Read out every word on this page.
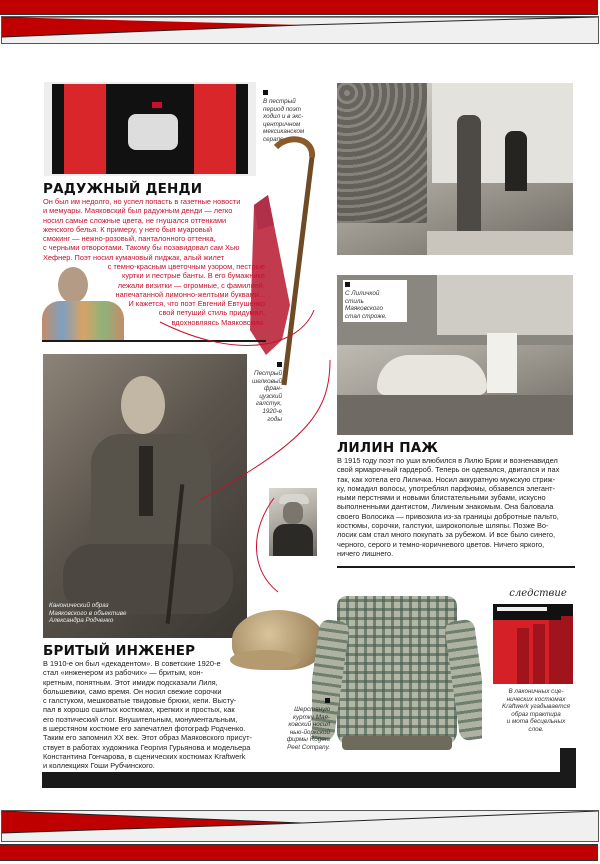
В пестрый
период поэт
ходил и в экс-
центричном
мексиканском
серапе.
РАДУЖНЫЙ ДЕНДИ
Он был им недолго, но успел попасть в газетные новости
и мемуары. Маяковский был радужным денди — легко
носил самые сложные цвета, не гнушался оттенками
женского белья. К примеру, у него был муаровый
смокинг — нежно-розовый, панталонного оттенка,
с черными отворотами. Такому бы позавидовал сам Хью
Хефнер. Поэт носил кумачовый пиджак, алый жилет
с темно-красным цветочным узором, пестрые
куртки и пестрые банты. В его бумажнике
лежали визитки — огромные, с фамилией,
напечатанной лимонно-желтыми буквами...
И кажется, что поэт Евгений Евтушенко
свой петуший стиль придумал,
вдохновляясь Маяковским.
С Лиличкой
стиль
Маяковского
стал строже.
Пестрый
шелковый
фран-
цузский
галстук,
1920-е
годы
ЛИЛИН ПАЖ
В 1915 году поэт по уши влюбился в Лилю Брик и возненавидел
свой ярмарочный гардероб. Теперь он одевался, двигался и пах
так, как хотела его Лиличка. Носил аккуратную мужскую стриж-
ку, помадил волосы, употреблял парфюмы, обзавелся элегант-
ными перстнями и новыми блистательными зубами, искусно
выполненными дантистом, Лилиным знакомым. Она баловала
своего Волосика — привозила из-за границы добротные пальто,
костюмы, сорочки, галстуки, широкополые шляпы. Позже Во-
лосик сам стал много покупать за рубежом. И все было синего,
черного, серого и темно-коричневого цветов. Ничего яркого,
ничего лишнего.
Канонический образ
Маяковского в объективе
Александра Родченко
БРИТЫЙ ИНЖЕНЕР
В 1910-е он был «декадентом». В советские 1920-е
стал «инженером из рабочих» — бритым, кон-
кретным, понятным. Этот имидж подсказали Лиля,
большевики, само время. Он носил свежие сорочки
с галстуком, мешковатые твидовые брюки, кепи. Высту-
пал в хорошо сшитых костюмах, крепких и простых, как
его поэтический слог. Внушительным, монументальным,
в шерстяном костюме его запечатлел фотограф Родченко.
Таким его запомнил XX век. Этот образ Маяковского присут-
ствует в работах художника Георгия Гурьянова и модельера
Константина Гончарова, в сценических костюмах Kraftwerk
и коллекциях Гоши Рубчинского.
Шерстяную
куртку Мая-
ковский носил
нью-йоркской
фирмы Rogers
Peet Company.
следствие
В лаконичных сце-
нических костюмах
Kraftwerk угадывается
образ трактира
и мота бесцельных
слов.
